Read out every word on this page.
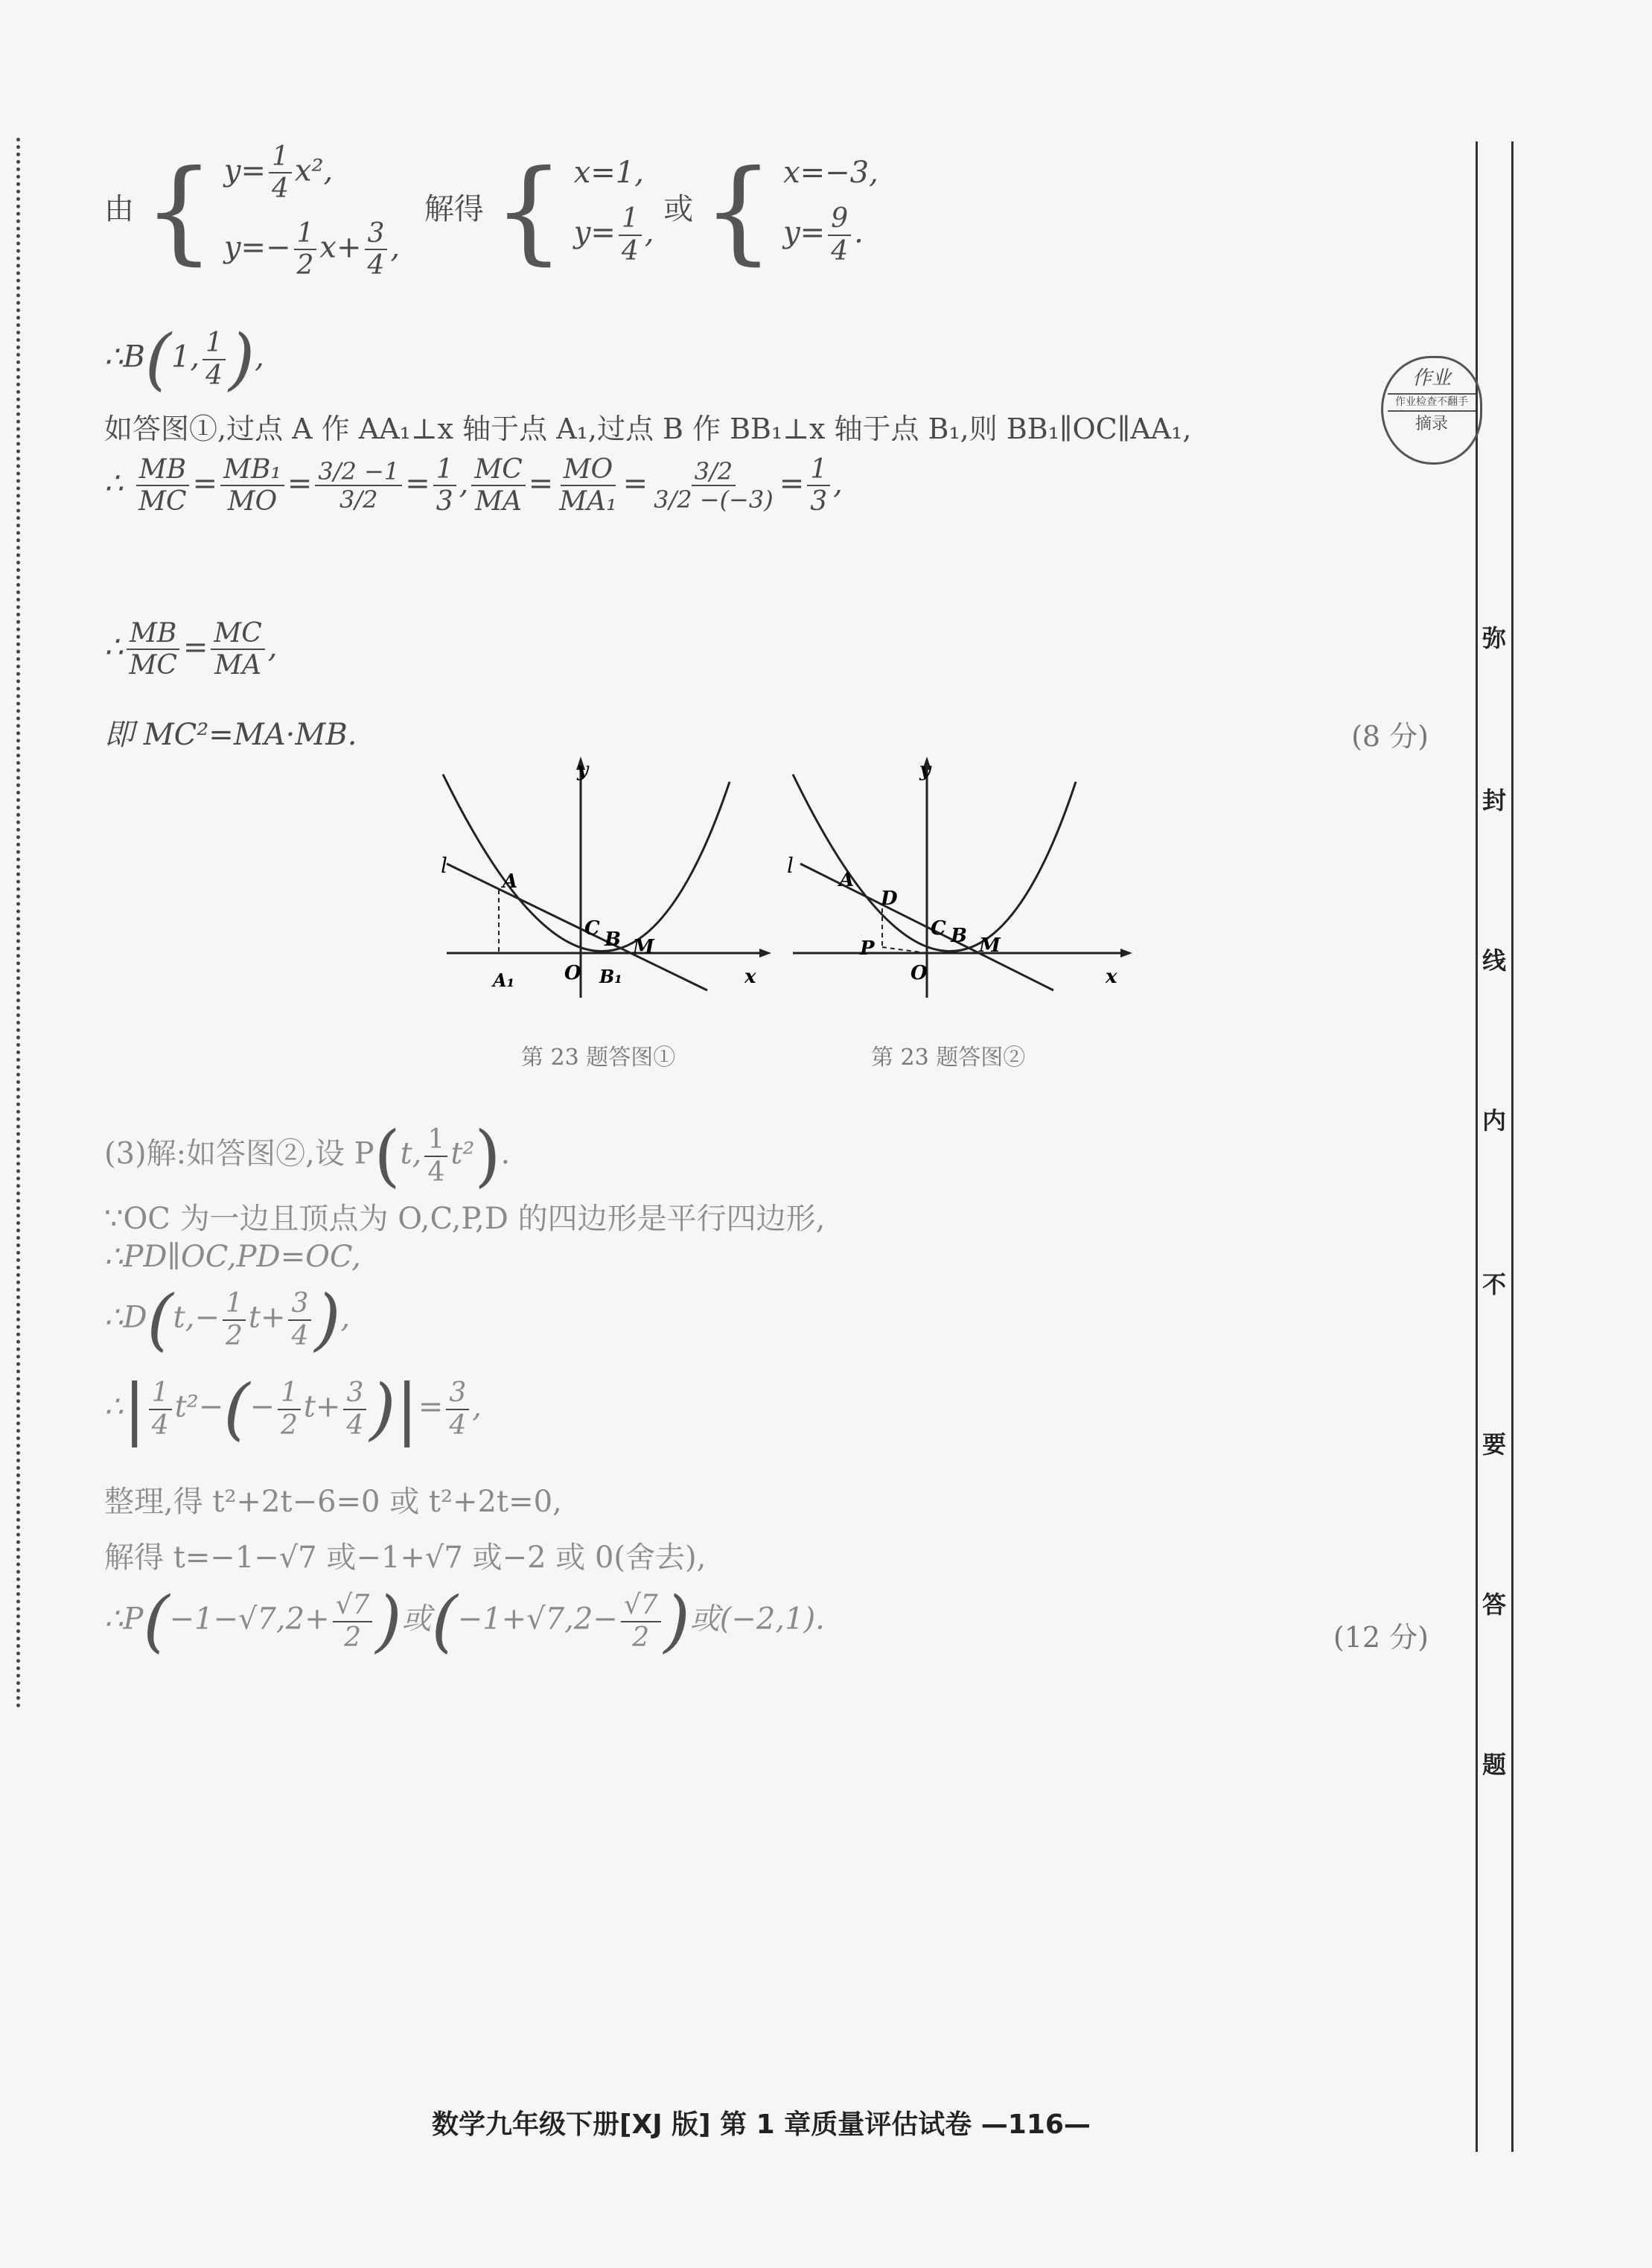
弥
封
线
内
不
要
答
题
作业
作业检查不翻手
摘录
由 { $y= \frac{1}{4} x^2$,
$y=- \frac{1}{2} x+ \frac{3}{4}$ ,
解得 { x=1,
$y= \frac{1}{4}$ ,
或 { x=−3,
$y= \frac{9}{4}$ .
∴B(1, $\frac{1}{4}$ ),
如答图①,过点 A 作 AA₁⊥x 轴于点 A₁,过点 B 作 BB₁⊥x 轴于点 B₁,则 BB₁∥OC∥AA₁,
∴ $\frac{MB}{MC} = \frac{\text{MB₁}}{MO} = \frac{3/2 -1}{3/2} = \frac{1}{3}$ , $\frac{MC}{MA} = \frac{MO}{\text{MA₁}} = \frac{3/2}{3/2 -(-3)} = \frac{1}{3}$ ,
∴ $\frac{MB}{MC} = \frac{MC}{MA}$ ,
即 MC²=MA·MB.	(8 分)
y
x
l
A
A₁
C B M
O B₁
y
x
l
A
D
P
C B M
O
第 23 题答图①	第 23 题答图②
(3)解:如答图②,设 P(t, $\frac{1}{4} t^2$).
∵OC 为一边且顶点为 O,C,P,D 的四边形是平行四边形,
∴PD∥OC,PD=OC,
∴D(t,− $\frac{1}{2} t+ \frac{3}{4}$ ),
∴| $\frac{1}{4} t^2-(- \frac{1}{2} t+ \frac{3}{4}$ )|= $\frac{3}{4}$ ,
整理,得 t²+2t−6=0 或 t²+2t=0,
解得 t=−1−√7 或−1+√7 或−2 或 0(舍去),
∴P(−1−√7,2+ $\frac{√7}{2}$ )或($-1+√7,2- \frac{√7}{2}$ )或(−2,1).
(12 分)
数学九年级下册[XJ 版] 第 1 章质量评估试卷 —116—
